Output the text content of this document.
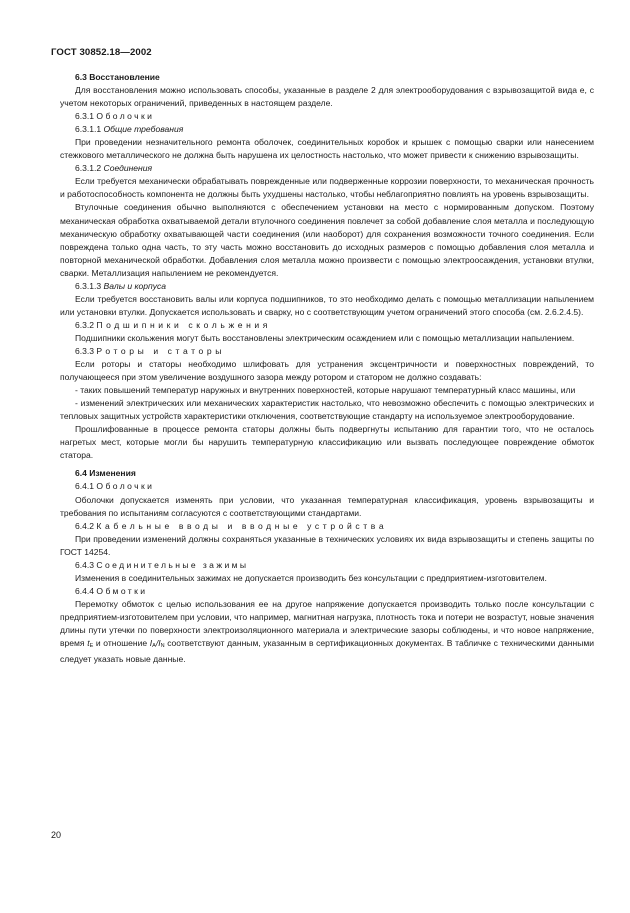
ГОСТ 30852.18—2002

6.3 Восстановление

Для восстановления можно использовать способы, указанные в разделе 2 для электрооборудования с взрывозащитой вида е, с учетом некоторых ограничений, приведенных в настоящем разделе.

6.3.1 Оболочки

6.3.1.1 Общие требования

При проведении незначительного ремонта оболочек, соединительных коробок и крышек с помощью сварки или нанесением стежкового металлического не должна быть нарушена их целостность настолько, что может привести к снижению взрывозащиты.

6.3.1.2 Соединения

Если требуется механически обрабатывать поврежденные или подверженные коррозии поверхности, то механическая прочность и работоспособность компонента не должны быть ухудшены настолько, чтобы неблагоприятно повлиять на уровень взрывозащиты.

Втулочные соединения обычно выполняются с обеспечением установки на место с нормированным допуском. Поэтому механическая обработка охватываемой детали втулочного соединения повлечет за собой добавление слоя металла и последующую механическую обработку охватывающей части соединения (или наоборот) для сохранения возможности точного соединения. Если повреждена только одна часть, то эту часть можно восстановить до исходных размеров с помощью добавления слоя металла и повторной механической обработки. Добавления слоя металла можно произвести с помощью электроосаждения, установки втулки, сварки. Металлизация напылением не рекомендуется.

6.3.1.3 Валы и корпуса

Если требуется восстановить валы или корпуса подшипников, то это необходимо делать с помощью металлизации напылением или установки втулки. Допускается использовать и сварку, но с соответствующим учетом ограничений этого способа (см. 2.6.2.4.5).

6.3.2 Подшипники скольжения

Подшипники скольжения могут быть восстановлены электрическим осаждением или с помощью металлизации напылением.

6.3.3 Роторы и статоры

Если роторы и статоры необходимо шлифовать для устранения эксцентричности и поверхностных повреждений, то получающееся при этом увеличение воздушного зазора между ротором и статором не должно создавать:

- таких повышений температур наружных и внутренних поверхностей, которые нарушают температурный класс машины, или

- изменений электрических или механических характеристик настолько, что невозможно обеспечить с помощью электрических и тепловых защитных устройств характеристики отключения, соответствующие стандарту на используемое электрооборудование.

Прошлифованные в процессе ремонта статоры должны быть подвергнуты испытанию для гарантии того, что не осталось нагретых мест, которые могли бы нарушить температурную классификацию или вызвать последующее повреждение обмоток статора.

6.4 Изменения

6.4.1 Оболочки

Оболочки допускается изменять при условии, что указанная температурная классификация, уровень взрывозащиты и требования по испытаниям согласуются с соответствующими стандартами.

6.4.2 Кабельные вводы и вводные устройства

При проведении изменений должны сохраняться указанные в технических условиях их вида взрывозащиты и степень защиты по ГОСТ 14254.

6.4.3 Соединительные зажимы

Изменения в соединительных зажимах не допускается производить без консультации с предприятием-изготовителем.

6.4.4 Обмотки

Перемотку обмоток с целью использования ее на другое напряжение допускается производить только после консультации с предприятием-изготовителем при условии, что например, магнитная нагрузка, плотность тока и потери не возрастут, новые значения длины пути утечки по поверхности электроизоляционного материала и электрические зазоры соблюдены, и что новое напряжение, время tE и отношение IA/IN соответствуют данным, указанным в сертификационных документах. В табличке с техническими данными следует указать новые данные.

20
